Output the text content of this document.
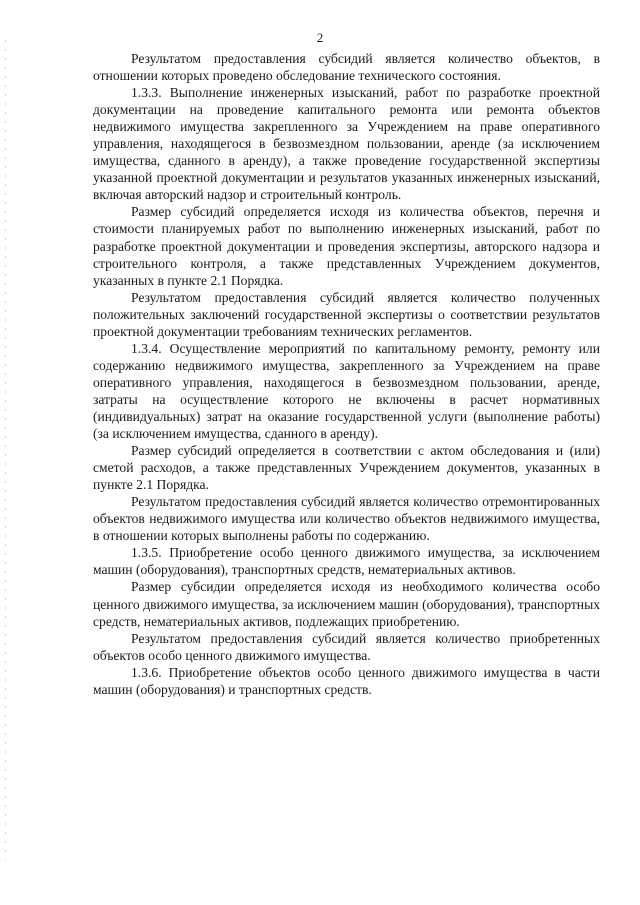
2

Результатом предоставления субсидий является количество объектов, в отношении которых проведено обследование технического состояния.

1.3.3. Выполнение инженерных изысканий, работ по разработке проектной документации на проведение капитального ремонта или ремонта объектов недвижимого имущества закрепленного за Учреждением на праве оперативного управления, находящегося в безвозмездном пользовании, аренде (за исключением имущества, сданного в аренду), а также проведение государственной экспертизы указанной проектной документации и результатов указанных инженерных изысканий, включая авторский надзор и строительный контроль.

Размер субсидий определяется исходя из количества объектов, перечня и стоимости планируемых работ по выполнению инженерных изысканий, работ по разработке проектной документации и проведения экспертизы, авторского надзора и строительного контроля, а также представленных Учреждением документов, указанных в пункте 2.1 Порядка.

Результатом предоставления субсидий является количество полученных положительных заключений государственной экспертизы о соответствии результатов проектной документации требованиям технических регламентов.

1.3.4. Осуществление мероприятий по капитальному ремонту, ремонту или содержанию недвижимого имущества, закрепленного за Учреждением на праве оперативного управления, находящегося в безвозмездном пользовании, аренде, затраты на осуществление которого не включены в расчет нормативных (индивидуальных) затрат на оказание государственной услуги (выполнение работы) (за исключением имущества, сданного в аренду).

Размер субсидий определяется в соответствии с актом обследования и (или) сметой расходов, а также представленных Учреждением документов, указанных в пункте 2.1 Порядка.

Результатом предоставления субсидий является количество отремонтированных объектов недвижимого имущества или количество объектов недвижимого имущества, в отношении которых выполнены работы по содержанию.

1.3.5. Приобретение особо ценного движимого имущества, за исключением машин (оборудования), транспортных средств, нематериальных активов.

Размер субсидии определяется исходя из необходимого количества особо ценного движимого имущества, за исключением машин (оборудования), транспортных средств, нематериальных активов, подлежащих приобретению.

Результатом предоставления субсидий является количество приобретенных объектов особо ценного движимого имущества.

1.3.6. Приобретение объектов особо ценного движимого имущества в части машин (оборудования) и транспортных средств.
